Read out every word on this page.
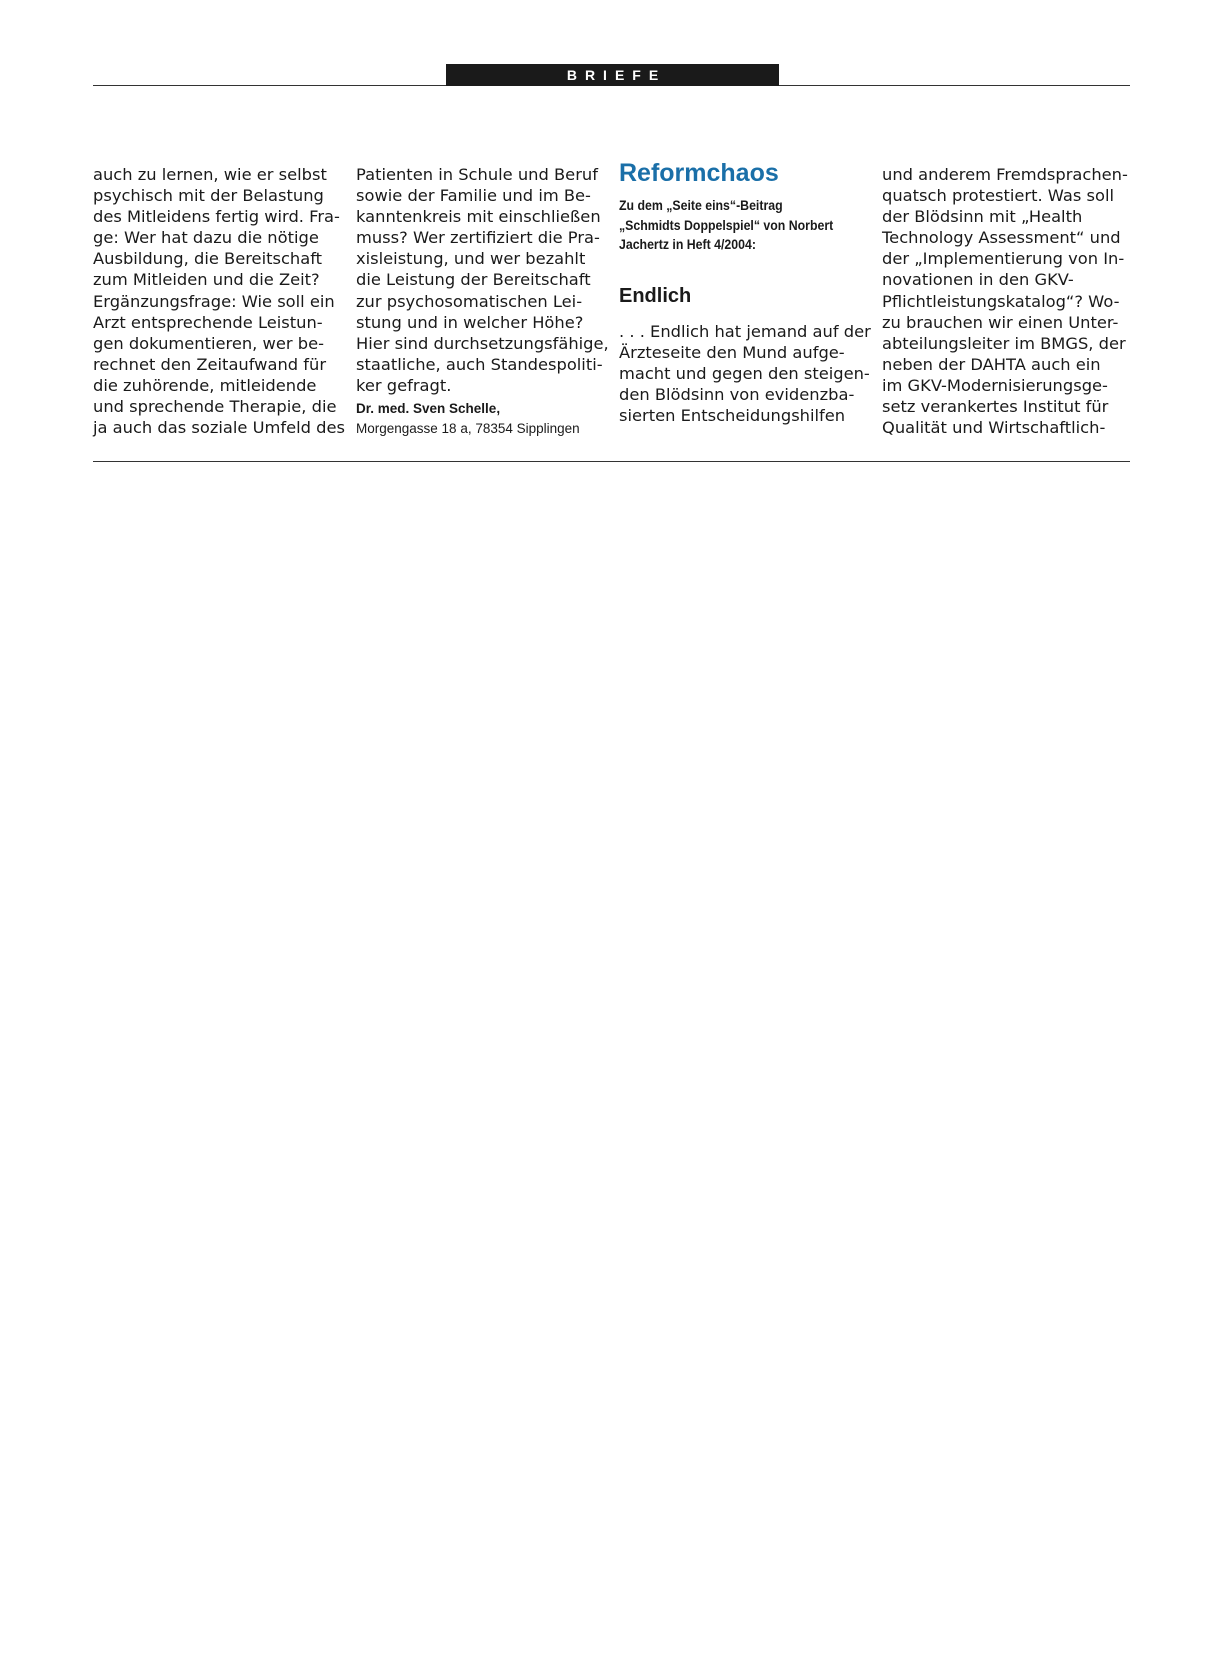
BRIEFE
auch zu lernen, wie er selbst
psychisch mit der Belastung
des Mitleidens fertig wird. Fra-
ge: Wer hat dazu die nötige
Ausbildung, die Bereitschaft
zum Mitleiden und die Zeit?
Ergänzungsfrage: Wie soll ein
Arzt entsprechende Leistun-
gen dokumentieren, wer be-
rechnet den Zeitaufwand für
die zuhörende, mitleidende
und sprechende Therapie, die
ja auch das soziale Umfeld des
Patienten in Schule und Beruf
sowie der Familie und im Be-
kanntenkreis mit einschließen
muss? Wer zertifiziert die Pra-
xisleistung, und wer bezahlt
die Leistung der Bereitschaft
zur psychosomatischen Lei-
stung und in welcher Höhe?
Hier sind durchsetzungsfähige,
staatliche, auch Standespoliti-
ker gefragt.
Dr. med. Sven Schelle,
Morgengasse 18 a, 78354 Sipplingen
Reformchaos
Zu dem „Seite eins“-Beitrag
„Schmidts Doppelspiel“ von Norbert
Jachertz in Heft 4/2004:
Endlich
. . . Endlich hat jemand auf der
Ärzteseite den Mund aufge-
macht und gegen den steigen-
den Blödsinn von evidenzba-
sierten Entscheidungshilfen
und anderem Fremdsprachen-
quatsch protestiert. Was soll
der Blödsinn mit „Health
Technology Assessment“ und
der „Implementierung von In-
novationen in den GKV-
Pflichtleistungskatalog“? Wo-
zu brauchen wir einen Unter-
abteilungsleiter im BMGS, der
neben der DAHTA auch ein
im GKV-Modernisierungsge-
setz verankertes Institut für
Qualität und Wirtschaftlich-
